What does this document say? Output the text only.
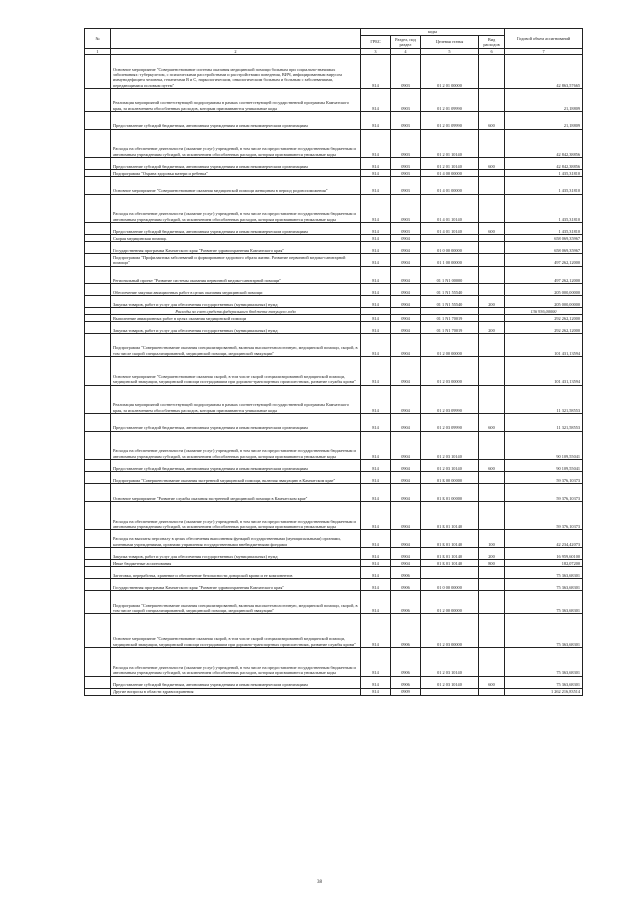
№		коды				Годовой объем ассигнований
		ГРБС	Раздел, под раздел	Целевая статья	Вид расходов	
1	2	3	4	5	6	7
	Основное мероприятие "Совершенствование системы оказания медицинской помощи больным при социально-значимых заболеваниях: туберкулезом, с психическими расстройствами и расстройствами поведения, ВИЧ, инфицированным вирусом иммунодефицита человека, гепатитами В и С, наркологическим, онкологическим больным и больным с заболеваниями, передающимися половым путем"	814	0903	01 2 01 00000		42 863,57665
	Реализация мероприятий соответствующей подпрограммы в рамках соответствующей государственной программы Камчатского края, за исключением обособленных расходов, которым присваиваются уникальные коды	814	0903	01 2 01 09990		21,18809
	Предоставление субсидий бюджетным, автономным учреждениям и иным некоммерческим организациям	814	0903	01 2 01 09990	600	21,18809
	Расходы на обеспечение деятельности (оказание услуг) учреждений, в том числе на предоставление государственным бюджетным и автономным учреждениям субсидий, за исключением обособленных расходов, которым присваиваются уникальные коды	814	0903	01 2 01 10140		42 842,38856
	Предоставление субсидий бюджетным, автономным учреждениям и иным некоммерческим организациям	814	0903	01 2 01 10140	600	42 842,38856
	Подпрограмма "Охрана здоровья матери и ребенка"	814	0903	01 4 00 00000		1 435,31810
	Основное мероприятие "Совершенствование оказания медицинской помощи женщинам в период родовспоможения"	814	0903	01 4 01 00000		1 435,31810
	Расходы на обеспечение деятельности (оказание услуг) учреждений, в том числе на предоставление государственным бюджетным и автономным учреждениям субсидий, за исключением обособленных расходов, которым присваиваются уникальные коды	814	0903	01 4 01 10140		1 435,31810
	Предоставление субсидий бюджетным, автономным учреждениям и иным некоммерческим организациям	814	0903	01 4 01 10140	600	1 435,31810
	Скорая медицинская помощь	814	0904			658 069,35967
	Государственная программа Камчатского края "Развитие здравоохранения Камчатского края"	814	0904	01 0 00 00000		658 069,35967
	Подпрограмма "Профилактика заболеваний и формирование здорового образа жизни. Развитие первичной медико-санитарной помощи"	814	0904	01 1 00 00000		497 262,12000
	Региональный проект "Развитие системы оказания первичной медико-санитарной помощи"	814	0904	01 1 N1 00000		497 262,12000
	Обеспечение закупки авиационных работ в целях оказания медицинской помощи	814	0904	01 1 N1 55540		205 000,00000
	Закупка товаров, работ и услуг для обеспечения государственных (муниципальных) нужд	814	0904	01 1 N1 55540	200	205 000,00000
	Расходы за счет средств федерального бюджета текущего года					136 936,00000
	Выполнение авиационных работ в целях оказания медицинской помощи	814	0904	01 1 N1 70019		292 262,12000
	Закупка товаров, работ и услуг для обеспечения государственных (муниципальных) нужд	814	0904	01 1 N1 70019	200	292 262,12000
	Подпрограмма "Совершенствование оказания специализированной, включая высокотехнологичную, медицинской помощи, скорой, в том числе скорой специализированной, медицинской помощи, медицинской эвакуации"	814	0904	01 2 00 00000		101 431,13594
	Основное мероприятие "Совершенствование оказания скорой, в том числе скорой специализированной медицинской помощи, медицинской эвакуации, медицинской помощи пострадавшим при дорожно-транспортных происшествиях, развитие службы крови"	814	0904	01 2 03 00000		101 431,13594
	Реализация мероприятий соответствующей подпрограммы в рамках соответствующей государственной программы Камчатского края, за исключением обособленных расходов, которым присваиваются уникальные коды	814	0904	01 2 03 09990		11 321,58553
	Предоставление субсидий бюджетным, автономным учреждениям и иным некоммерческим организациям	814	0904	01 2 03 09990	600	11 321,58553
	Расходы на обеспечение деятельности (оказание услуг) учреждений, в том числе на предоставление государственным бюджетным и автономным учреждениям субсидий, за исключением обособленных расходов, которым присваиваются уникальные коды	814	0904	01 2 03 10140		90 109,55041
	Предоставление субсидий бюджетным, автономным учреждениям и иным некоммерческим организациям	814	0904	01 2 03 10140	600	90 109,55041
	Подпрограмма "Совершенствование оказания экстренной медицинской помощи, включая эвакуацию в Камчатском крае"	814	0904	01 Б 00 00000		59 376,10373
	Основное мероприятие "Развитие службы оказания экстренной медицинской помощи в Камчатском крае"	814	0904	01 Б 01 00000		59 376,10373
	Расходы на обеспечение деятельности (оказание услуг) учреждений, в том числе на предоставление государственным бюджетным и автономным учреждениям субсидий, за исключением обособленных расходов, которым присваиваются уникальные коды	814	0904	01 Б 01 10140		59 376,10373
	Расходы на выплаты персоналу в целях обеспечения выполнения функций государственными (муниципальными) органами, казенными учреждениями, органами управления государственными внебюджетными фондами	814	0904	01 Б 01 10140	100	42 234,42073
	Закупка товаров, работ и услуг для обеспечения государственных (муниципальных) нужд	814	0904	01 Б 01 10140	200	16 959,60100
	Иные бюджетные ассигнования	814	0904	01 Б 01 10140	800	182,07200
	Заготовка, переработка, хранение и обеспечение безопасности донорской крови и ее компонентов	814	0906			75 363,68301
	Государственная программа Камчатского края "Развитие здравоохранения Камчатского края"	814	0906	01 0 00 00000		75 363,68301
	Подпрограмма "Совершенствование оказания специализированной, включая высокотехнологичную, медицинской помощи, скорой, в том числе скорой специализированной, медицинской помощи, медицинской эвакуации"	814	0906	01 2 00 00000		75 363,68301
	Основное мероприятие "Совершенствование оказания скорой, в том числе скорой специализированной медицинской помощи, медицинской эвакуации, медицинской помощи пострадавшим при дорожно-транспортных происшествиях, развитие службы крови"	814	0906	01 2 03 00000		75 363,68301
	Расходы на обеспечение деятельности (оказание услуг) учреждений, в том числе на предоставление государственным бюджетным и автономным учреждениям субсидий, за исключением обособленных расходов, которым присваиваются уникальные коды	814	0906	01 2 03 10140		75 363,68301
	Предоставление субсидий бюджетным, автономным учреждениям и иным некоммерческим организациям	814	0906	01 2 03 10140	600	75 363,68301
	Другие вопросы в области здравоохранения	814	0909			1 262 216,83514
38
